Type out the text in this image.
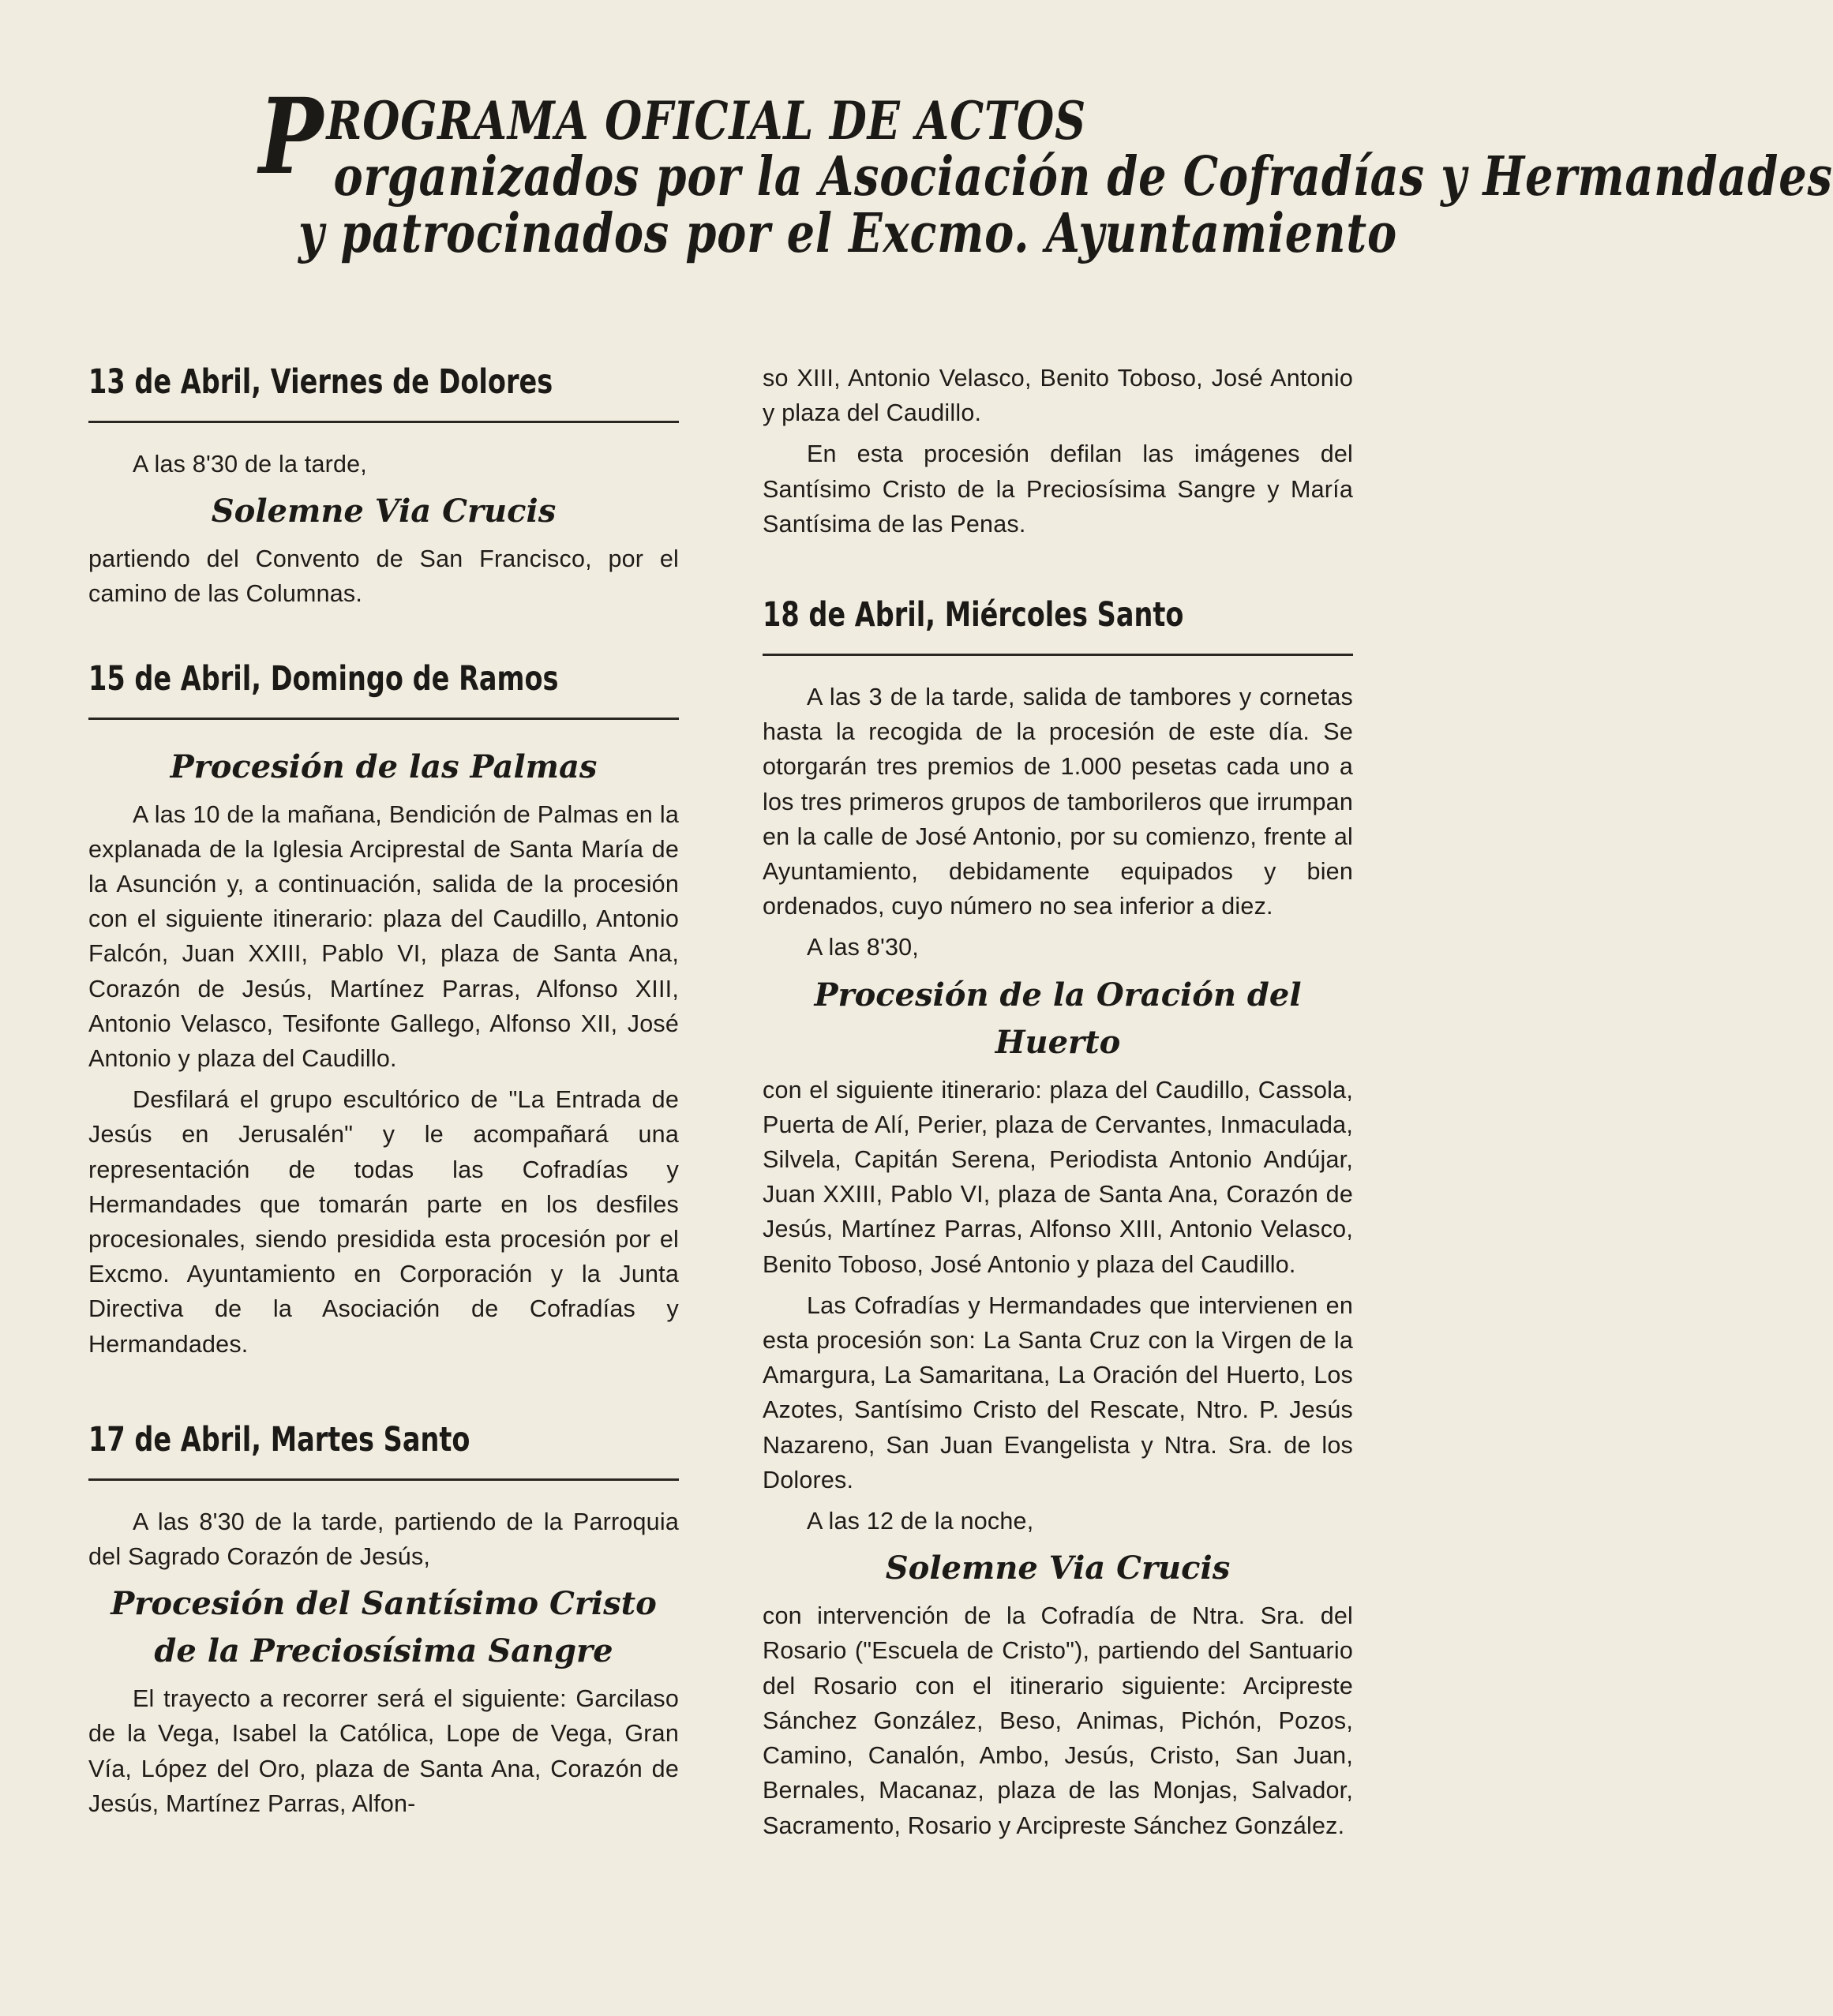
PROGRAMA OFICIAL DE ACTOS
organizados por la Asociación de Cofradías y Hermandades
y patrocinados por el Excmo. Ayuntamiento
13 de Abril, Viernes de Dolores

A las 8'30 de la tarde,

Solemne Via Crucis

partiendo del Convento de San Francisco, por el camino de las Columnas.

15 de Abril, Domingo de Ramos
Procesión de las Palmas

A las 10 de la mañana, Bendición de Palmas en la explanada de la Iglesia Arciprestal de Santa María de la Asunción y, a continuación, salida de la procesión con el siguiente itinerario: plaza del Caudillo, Antonio Falcón, Juan XXIII, Pablo VI, plaza de Santa Ana, Corazón de Jesús, Martínez Parras, Alfonso XIII, Antonio Velasco, Tesifonte Gallego, Alfonso XII, José Antonio y plaza del Caudillo.

Desfilará el grupo escultórico de "La Entrada de Jesús en Jerusalén" y le acompañará una representación de todas las Cofradías y Hermandades que tomarán parte en los desfiles procesionales, siendo presidida esta procesión por el Excmo. Ayuntamiento en Corporación y la Junta Directiva de la Asociación de Cofradías y Hermandades.

17 de Abril, Martes Santo

A las 8'30 de la tarde, partiendo de la Parroquia del Sagrado Corazón de Jesús,

Procesión del Santísimo Cristo
de la Preciosísima Sangre

El trayecto a recorrer será el siguiente: Garcilaso de la Vega, Isabel la Católica, Lope de Vega, Gran Vía, López del Oro, plaza de Santa Ana, Corazón de Jesús, Martínez Parras, Alfon-

so XIII, Antonio Velasco, Benito Toboso, José Antonio y plaza del Caudillo.

En esta procesión defilan las imágenes del Santísimo Cristo de la Preciosísima Sangre y María Santísima de las Penas.

18 de Abril, Miércoles Santo

A las 3 de la tarde, salida de tambores y cornetas hasta la recogida de la procesión de este día. Se otorgarán tres premios de 1.000 pesetas cada uno a los tres primeros grupos de tamborileros que irrumpan en la calle de José Antonio, por su comienzo, frente al Ayuntamiento, debidamente equipados y bien ordenados, cuyo número no sea inferior a diez.

A las 8'30,

Procesión de la Oración del Huerto

con el siguiente itinerario: plaza del Caudillo, Cassola, Puerta de Alí, Perier, plaza de Cervantes, Inmaculada, Silvela, Capitán Serena, Periodista Antonio Andújar, Juan XXIII, Pablo VI, plaza de Santa Ana, Corazón de Jesús, Martínez Parras, Alfonso XIII, Antonio Velasco, Benito Toboso, José Antonio y plaza del Caudillo.

Las Cofradías y Hermandades que intervienen en esta procesión son: La Santa Cruz con la Virgen de la Amargura, La Samaritana, La Oración del Huerto, Los Azotes, Santísimo Cristo del Rescate, Ntro. P. Jesús Nazareno, San Juan Evangelista y Ntra. Sra. de los Dolores.

A las 12 de la noche,

Solemne Via Crucis

con intervención de la Cofradía de Ntra. Sra. del Rosario ("Escuela de Cristo"), partiendo del Santuario del Rosario con el itinerario siguiente: Arcipreste Sánchez González, Beso, Animas, Pichón, Pozos, Camino, Canalón, Ambo, Jesús, Cristo, San Juan, Bernales, Macanaz, plaza de las Monjas, Salvador, Sacramento, Rosario y Arcipreste Sánchez González.
